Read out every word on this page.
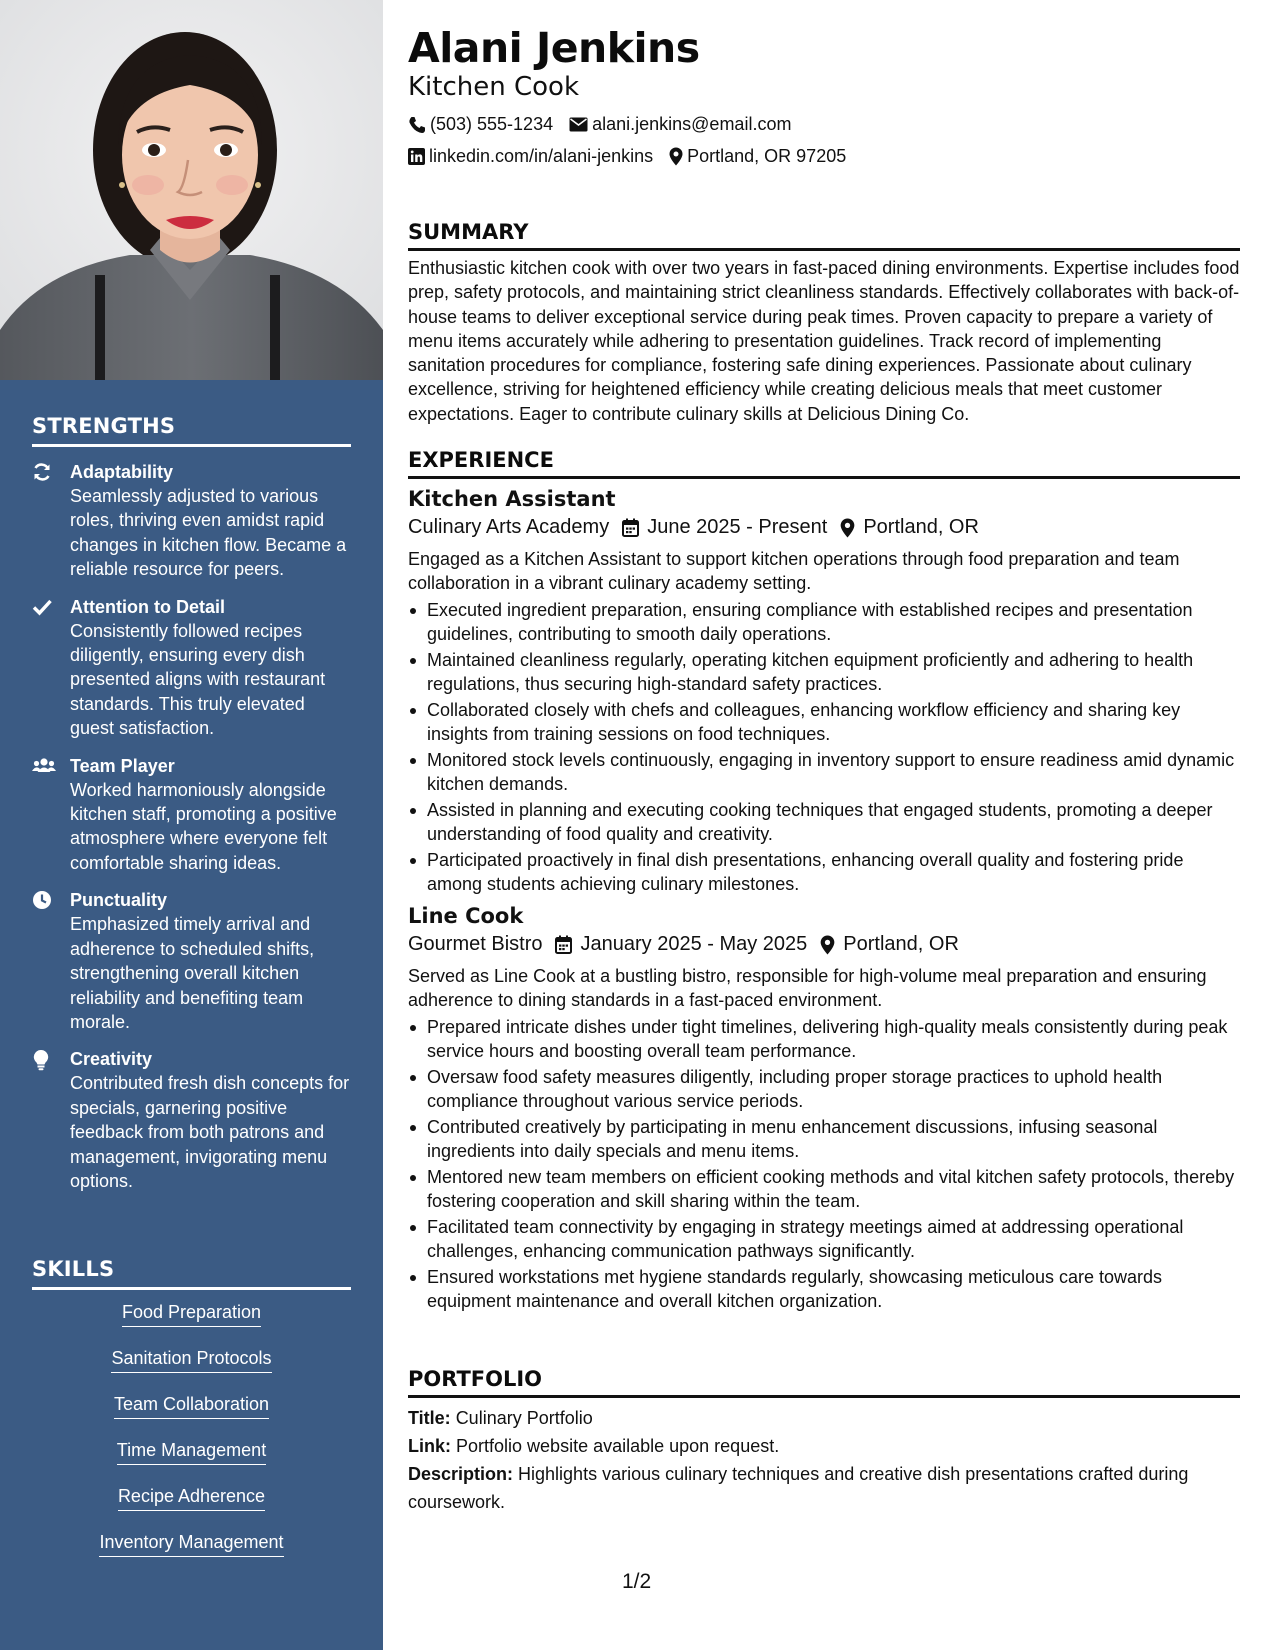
STRENGTHS
Adaptability
Seamlessly adjusted to various roles, thriving even amidst rapid changes in kitchen flow. Became a reliable resource for peers.
Attention to Detail
Consistently followed recipes diligently, ensuring every dish presented aligns with restaurant standards. This truly elevated guest satisfaction.
Team Player
Worked harmoniously alongside kitchen staff, promoting a positive atmosphere where everyone felt comfortable sharing ideas.
Punctuality
Emphasized timely arrival and adherence to scheduled shifts, strengthening overall kitchen reliability and benefiting team morale.
Creativity
Contributed fresh dish concepts for specials, garnering positive feedback from both patrons and management, invigorating menu options.
SKILLS
Food Preparation
Sanitation Protocols
Team Collaboration
Time Management
Recipe Adherence
Inventory Management
Alani Jenkins
Kitchen Cook
(503) 555-1234 alani.jenkins@email.com
linkedin.com/in/alani-jenkins Portland, OR 97205
SUMMARY

Enthusiastic kitchen cook with over two years in fast-paced dining environments. Expertise includes food prep, safety protocols, and maintaining strict cleanliness standards. Effectively collaborates with back-of-house teams to deliver exceptional service during peak times. Proven capacity to prepare a variety of menu items accurately while adhering to presentation guidelines. Track record of implementing sanitation procedures for compliance, fostering safe dining experiences. Passionate about culinary excellence, striving for heightened efficiency while creating delicious meals that meet customer expectations. Eager to contribute culinary skills at Delicious Dining Co.

EXPERIENCE
Kitchen Assistant
Culinary Arts Academy June 2025 - Present Portland, OR

Engaged as a Kitchen Assistant to support kitchen operations through food preparation and team collaboration in a vibrant culinary academy setting.

Executed ingredient preparation, ensuring compliance with established recipes and presentation guidelines, contributing to smooth daily operations.
Maintained cleanliness regularly, operating kitchen equipment proficiently and adhering to health regulations, thus securing high-standard safety practices.
Collaborated closely with chefs and colleagues, enhancing workflow efficiency and sharing key insights from training sessions on food techniques.
Monitored stock levels continuously, engaging in inventory support to ensure readiness amid dynamic kitchen demands.
Assisted in planning and executing cooking techniques that engaged students, promoting a deeper understanding of food quality and creativity.
Participated proactively in final dish presentations, enhancing overall quality and fostering pride among students achieving culinary milestones.
Line Cook
Gourmet Bistro January 2025 - May 2025 Portland, OR

Served as Line Cook at a bustling bistro, responsible for high-volume meal preparation and ensuring adherence to dining standards in a fast-paced environment.

Prepared intricate dishes under tight timelines, delivering high-quality meals consistently during peak service hours and boosting overall team performance.
Oversaw food safety measures diligently, including proper storage practices to uphold health compliance throughout various service periods.
Contributed creatively by participating in menu enhancement discussions, infusing seasonal ingredients into daily specials and menu items.
Mentored new team members on efficient cooking methods and vital kitchen safety protocols, thereby fostering cooperation and skill sharing within the team.
Facilitated team connectivity by engaging in strategy meetings aimed at addressing operational challenges, enhancing communication pathways significantly.
Ensured workstations met hygiene standards regularly, showcasing meticulous care towards equipment maintenance and overall kitchen organization.
PORTFOLIO

Title: Culinary Portfolio

Link: Portfolio website available upon request.

Description: Highlights various culinary techniques and creative dish presentations crafted during coursework.

1/2
